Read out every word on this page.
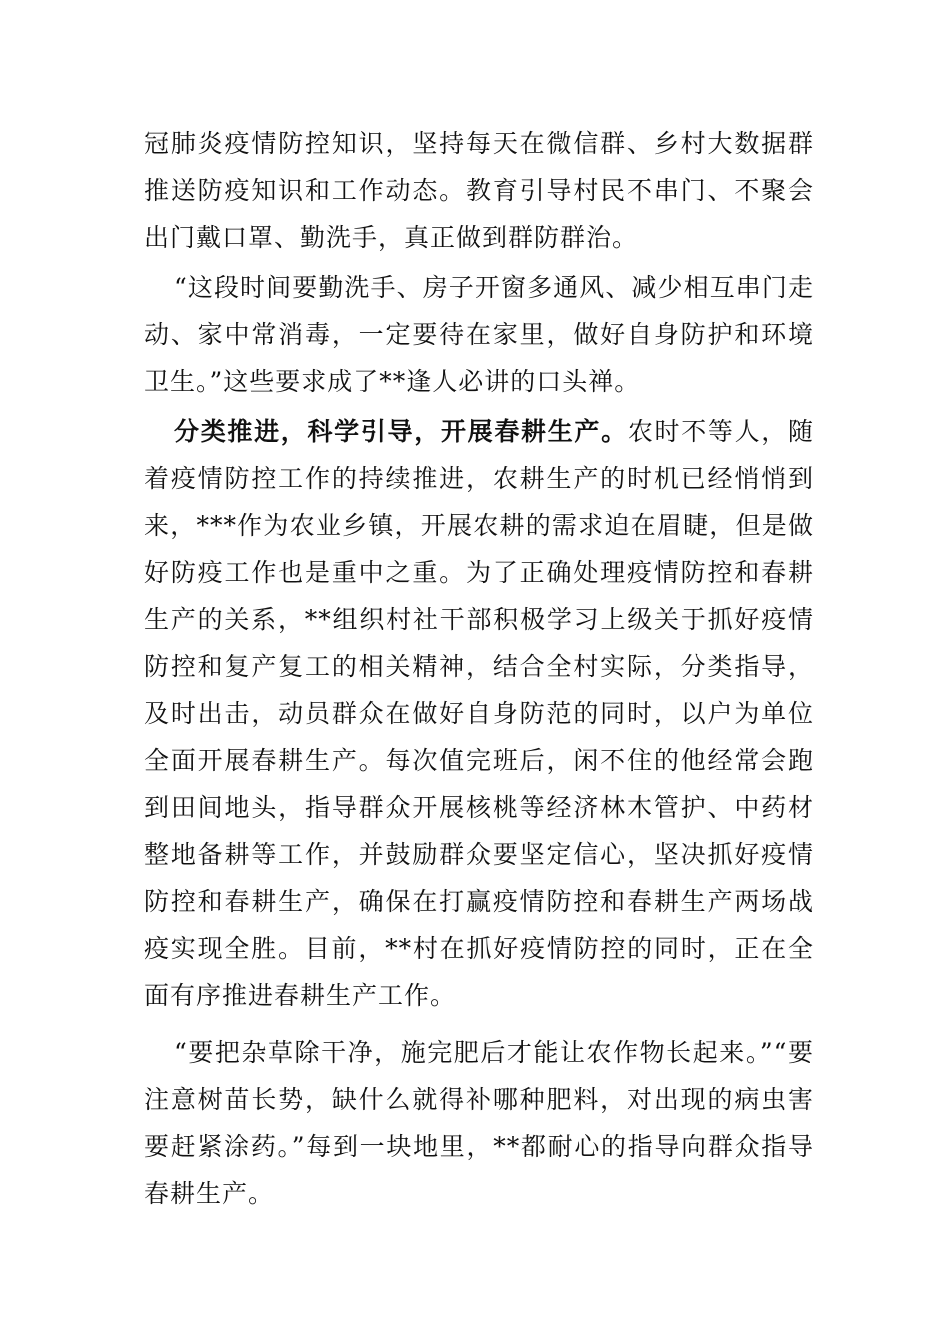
冠肺炎疫情防控知识，坚持每天在微信群、乡村大数据群推送防疫知识和工作动态。教育引导村民不串门、不聚会出门戴口罩、勤洗手，真正做到群防群治。

“这段时间要勤洗手、房子开窗多通风、减少相互串门走动、家中常消毒，一定要待在家里，做好自身防护和环境卫生。”这些要求成了**逢人必讲的口头禅。

分类推进，科学引导，开展春耕生产。农时不等人，随着疫情防控工作的持续推进，农耕生产的时机已经悄悄到来，***作为农业乡镇，开展农耕的需求迫在眉睫，但是做好防疫工作也是重中之重。为了正确处理疫情防控和春耕生产的关系，**组织村社干部积极学习上级关于抓好疫情防控和复产复工的相关精神，结合全村实际，分类指导，及时出击，动员群众在做好自身防范的同时，以户为单位全面开展春耕生产。每次值完班后，闲不住的他经常会跑到田间地头，指导群众开展核桃等经济林木管护、中药材整地备耕等工作，并鼓励群众要坚定信心，坚决抓好疫情防控和春耕生产，确保在打赢疫情防控和春耕生产两场战疫实现全胜。目前，**村在抓好疫情防控的同时，正在全面有序推进春耕生产工作。

“要把杂草除干净，施完肥后才能让农作物长起来。”“要注意树苗长势，缺什么就得补哪种肥料，对出现的病虫害要赶紧涂药。”每到一块地里，**都耐心的指导向群众指导春耕生产。
